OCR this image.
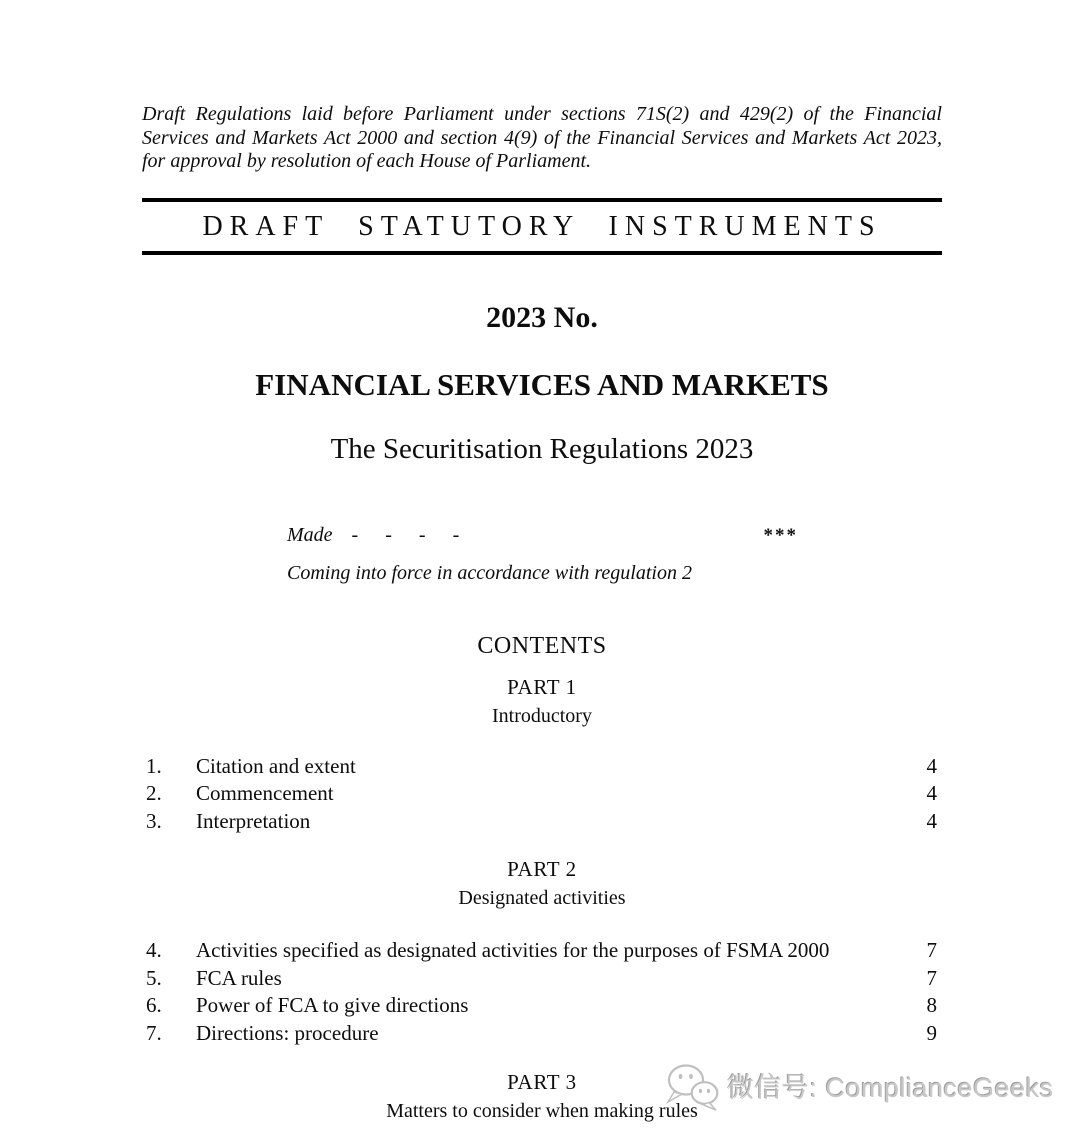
Draft Regulations laid before Parliament under sections 71S(2) and 429(2) of the Financial Services and Markets Act 2000 and section 4(9) of the Financial Services and Markets Act 2023, for approval by resolution of each House of Parliament.

DRAFT STATUTORY INSTRUMENTS
2023 No.
FINANCIAL SERVICES AND MARKETS
The Securitisation Regulations 2023
Made - - - -	***
Coming into force in accordance with regulation 2
CONTENTS
PART 1
Introductory
1.	Citation and extent	4
2.	Commencement	4
3.	Interpretation	4
PART 2
Designated activities
4.	Activities specified as designated activities for the purposes of FSMA 2000	7
5.	FCA rules	7
6.	Power of FCA to give directions	8
7.	Directions: procedure	9
PART 3
Matters to consider when making rules
微信号: ComplianceGeeks
